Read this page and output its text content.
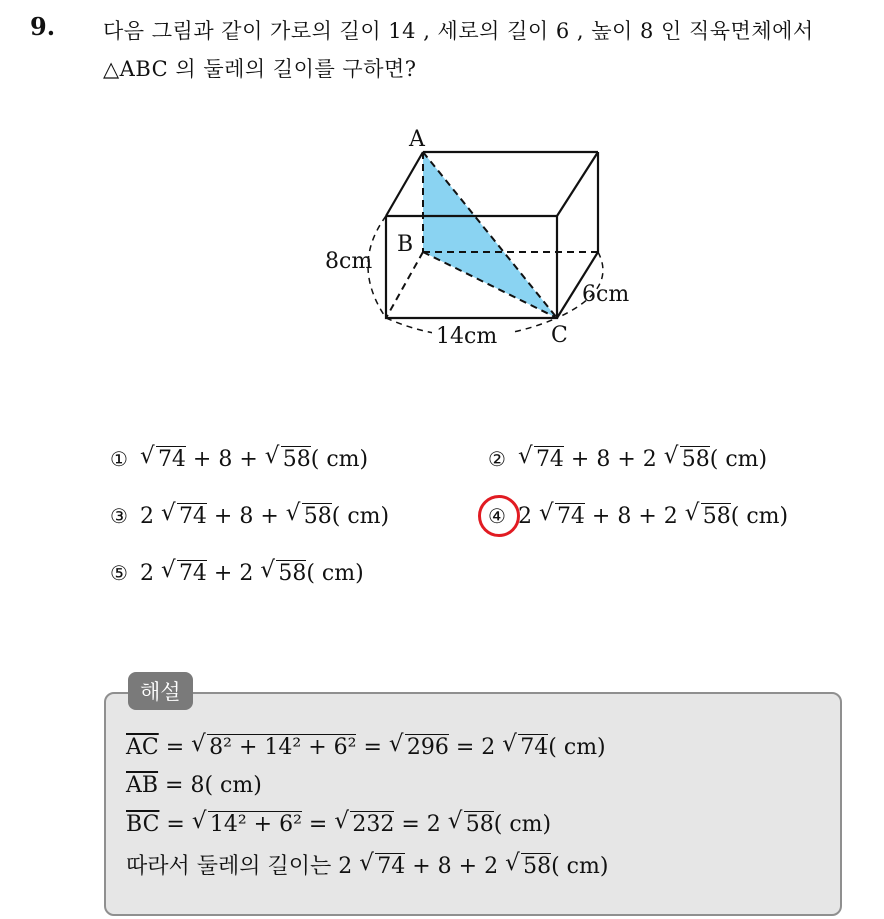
9. 다음 그림과 같이 가로의 길이 14 , 세로의 길이 6 , 높이 8 인 직육면체에서 △ABC 의 둘레의 길이를 구하면?
A
B
C
8cm
6cm
14cm
① √ 74 + 8 + √ 58( cm)	② √ 74 + 8 + 2 √ 58( cm)
③ 2 √ 74 + 8 + √ 58( cm)	④ 2 √ 74 + 8 + 2 √ 58( cm)
⑤ 2 √ 74 + 2 √ 58( cm)
해설
$\overline{AC}$ = √ 8² + 14² + 6² = √ 296 = 2 √ 74( cm)
$\overline{AB} = 8$( cm)
$\overline{BC}$ = √ 14² + 6² = √ 232 = 2 √ 58( cm)
따라서 둘레의 길이는 2 √ 74 + 8 + 2 √ 58( cm)
